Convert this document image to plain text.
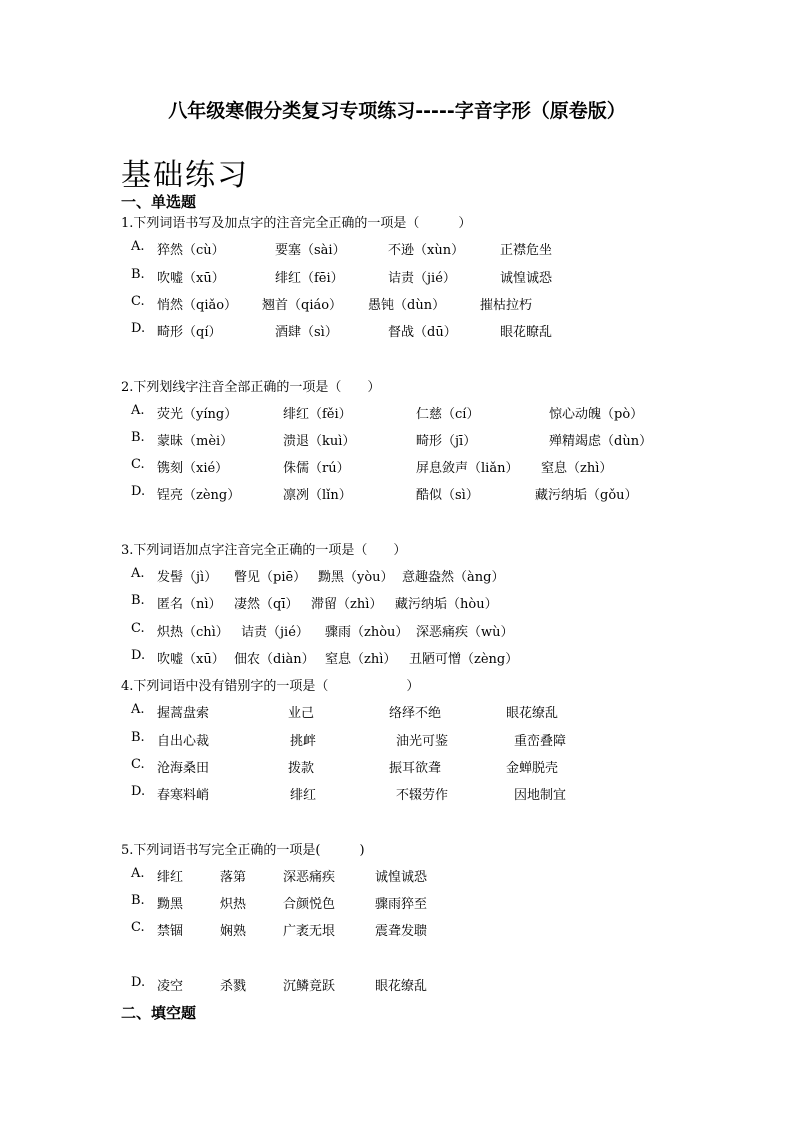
八年级寒假分类复习专项练习-----字音字形（原卷版）
基础练习
一、单选题
1.下列词语书写及加点字的注音完全正确的一项是（　　　）
A. 猝然（cù）	要塞（sài）	不逊（xùn）	正襟危坐
B. 吹嘘（xū）	绯红（fēi）	诘责（jié）	诚惶诚恐
C. 悄然（qiǎo） 翘首（qiáo） 愚钝（dùn）	摧枯拉朽
D. 畸形（qí）	酒肆（sì）	督战（dū）	眼花瞭乱
2.下列划线字注音全部正确的一项是（　　）
A. 荧光（yíng）	绯红（fěi）	仁慈（cí）	惊心动魄（pò）
B. 蒙昧（mèi）	溃退（kuì）	畸形（jī）	殚精竭虑（dùn）
C. 镌刻（xié）	侏儒（rú）	屏息敛声（liǎn） 窒息（zhì）
D. 锃亮（zèng）	凛冽（lǐn）	酷似（sì）	藏污纳垢（gǒu）
3.下列词语加点字注音完全正确的一项是（　　）
A. 发髻（jì） 瞥见（piē） 黝黑（yòu） 意趣盎然（àng）
B. 匿名（nì） 凄然（qī） 滞留（zhì） 藏污纳垢（hòu）
C. 炽热（chì） 诘责（jié） 骤雨（zhòu） 深恶痛疾（wù）
D. 吹嘘（xū） 佃农（diàn） 窒息（zhì） 丑陋可憎（zèng）
4.下列词语中没有错别字的一项是（　　　　　　）
A. 握蒿盘索	业己	络绎不绝	眼花缭乱
B. 自出心裁	挑衅	油光可鉴	重峦叠障
C. 沧海桑田	拨款	振耳欲聋	金蝉脱壳
D. 春寒料峭	绯红	不辍劳作	因地制宜
5.下列词语书写完全正确的一项是(　　　)
A. 绯红	落第	深恶痛疾	诚惶诚恐
B. 黝黑	炽热	合颜悦色	骤雨猝至
C. 禁锢	娴熟	广袤无垠	震聋发聩
D. 凌空	杀戮	沉鳞竟跃	眼花缭乱
二、填空题
